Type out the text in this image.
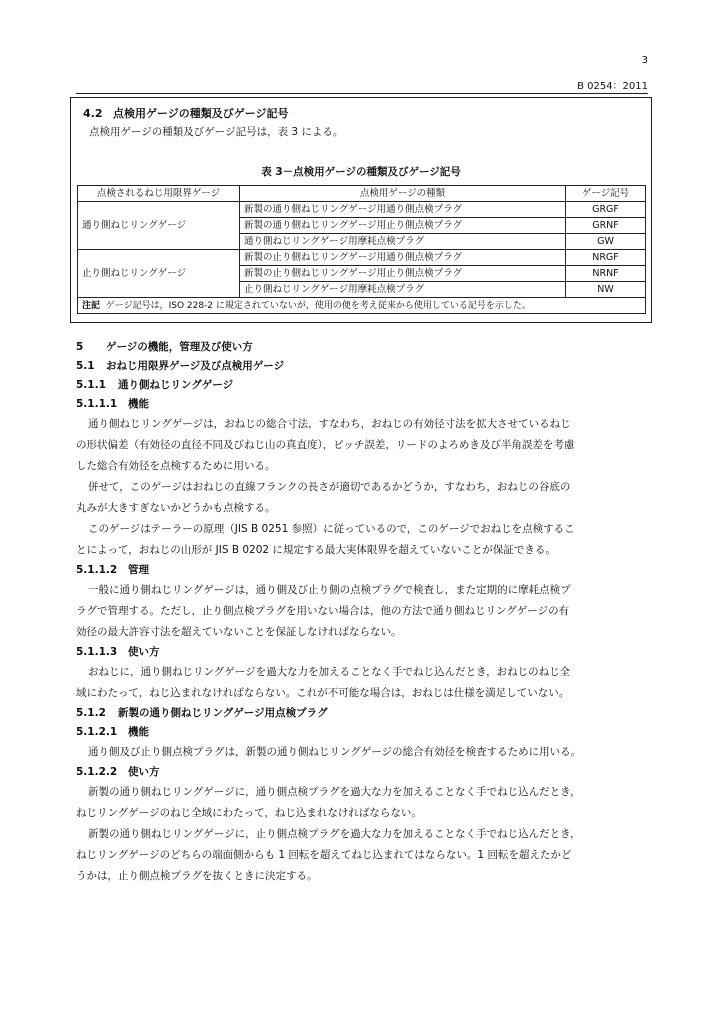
3
B 0254：2011
4.2 点検用ゲージの種類及びゲージ記号
点検用ゲージの種類及びゲージ記号は，表 3 による。
表 3－点検用ゲージの種類及びゲージ記号
点検されるねじ用限界ゲージ	点検用ゲージの種類	ゲージ記号
通り側ねじリングゲージ	新製の通り側ねじリングゲージ用通り側点検プラグ	GRGF
	新製の通り側ねじリングゲージ用止り側点検プラグ	GRNF
	通り側ねじリングゲージ用摩耗点検プラグ	GW
止り側ねじリングゲージ	新製の止り側ねじリングゲージ用通り側点検プラグ	NRGF
	新製の止り側ねじリングゲージ用止り側点検プラグ	NRNF
	止り側ねじリングゲージ用摩耗点検プラグ	NW
注記 ゲージ記号は，ISO 228-2 に規定されていないが，使用の便を考え従来から使用している記号を示した。		
5 ゲージの機能，管理及び使い方
5.1 おねじ用限界ゲージ及び点検用ゲージ
5.1.1 通り側ねじリングゲージ
5.1.1.1 機能
通り側ねじリングゲージは，おねじの総合寸法，すなわち，おねじの有効径寸法を拡大させているねじ
の形状偏差（有効径の直径不同及びねじ山の真直度），ピッチ誤差，リードのよろめき及び半角誤差を考慮
した総合有効径を点検するために用いる。
併せて，このゲージはおねじの直線フランクの長さが適切であるかどうか，すなわち，おねじの谷底の
丸みが大きすぎないかどうかも点検する。
このゲージはテーラーの原理（JIS B 0251 参照）に従っているので，このゲージでおねじを点検するこ
とによって，おねじの山形が JIS B 0202 に規定する最大実体限界を超えていないことが保証できる。
5.1.1.2 管理
一般に通り側ねじリングゲージは，通り側及び止り側の点検プラグで検査し，また定期的に摩耗点検プ
ラグで管理する。ただし，止り側点検プラグを用いない場合は，他の方法で通り側ねじリングゲージの有
効径の最大許容寸法を超えていないことを保証しなければならない。
5.1.1.3 使い方
おねじに，通り側ねじリングゲージを過大な力を加えることなく手でねじ込んだとき，おねじのねじ全
域にわたって，ねじ込まれなければならない。これが不可能な場合は，おねじは仕様を満足していない。
5.1.2 新製の通り側ねじリングゲージ用点検プラグ
5.1.2.1 機能
通り側及び止り側点検プラグは，新製の通り側ねじリングゲージの総合有効径を検査するために用いる。
5.1.2.2 使い方
新製の通り側ねじリングゲージに，通り側点検プラグを過大な力を加えることなく手でねじ込んだとき，
ねじリングゲージのねじ全域にわたって，ねじ込まれなければならない。
新製の通り側ねじリングゲージに，止り側点検プラグを過大な力を加えることなく手でねじ込んだとき，
ねじリングゲージのどちらの端面側からも 1 回転を超えてねじ込まれてはならない。1 回転を超えたかど
うかは，止り側点検プラグを抜くときに決定する。
